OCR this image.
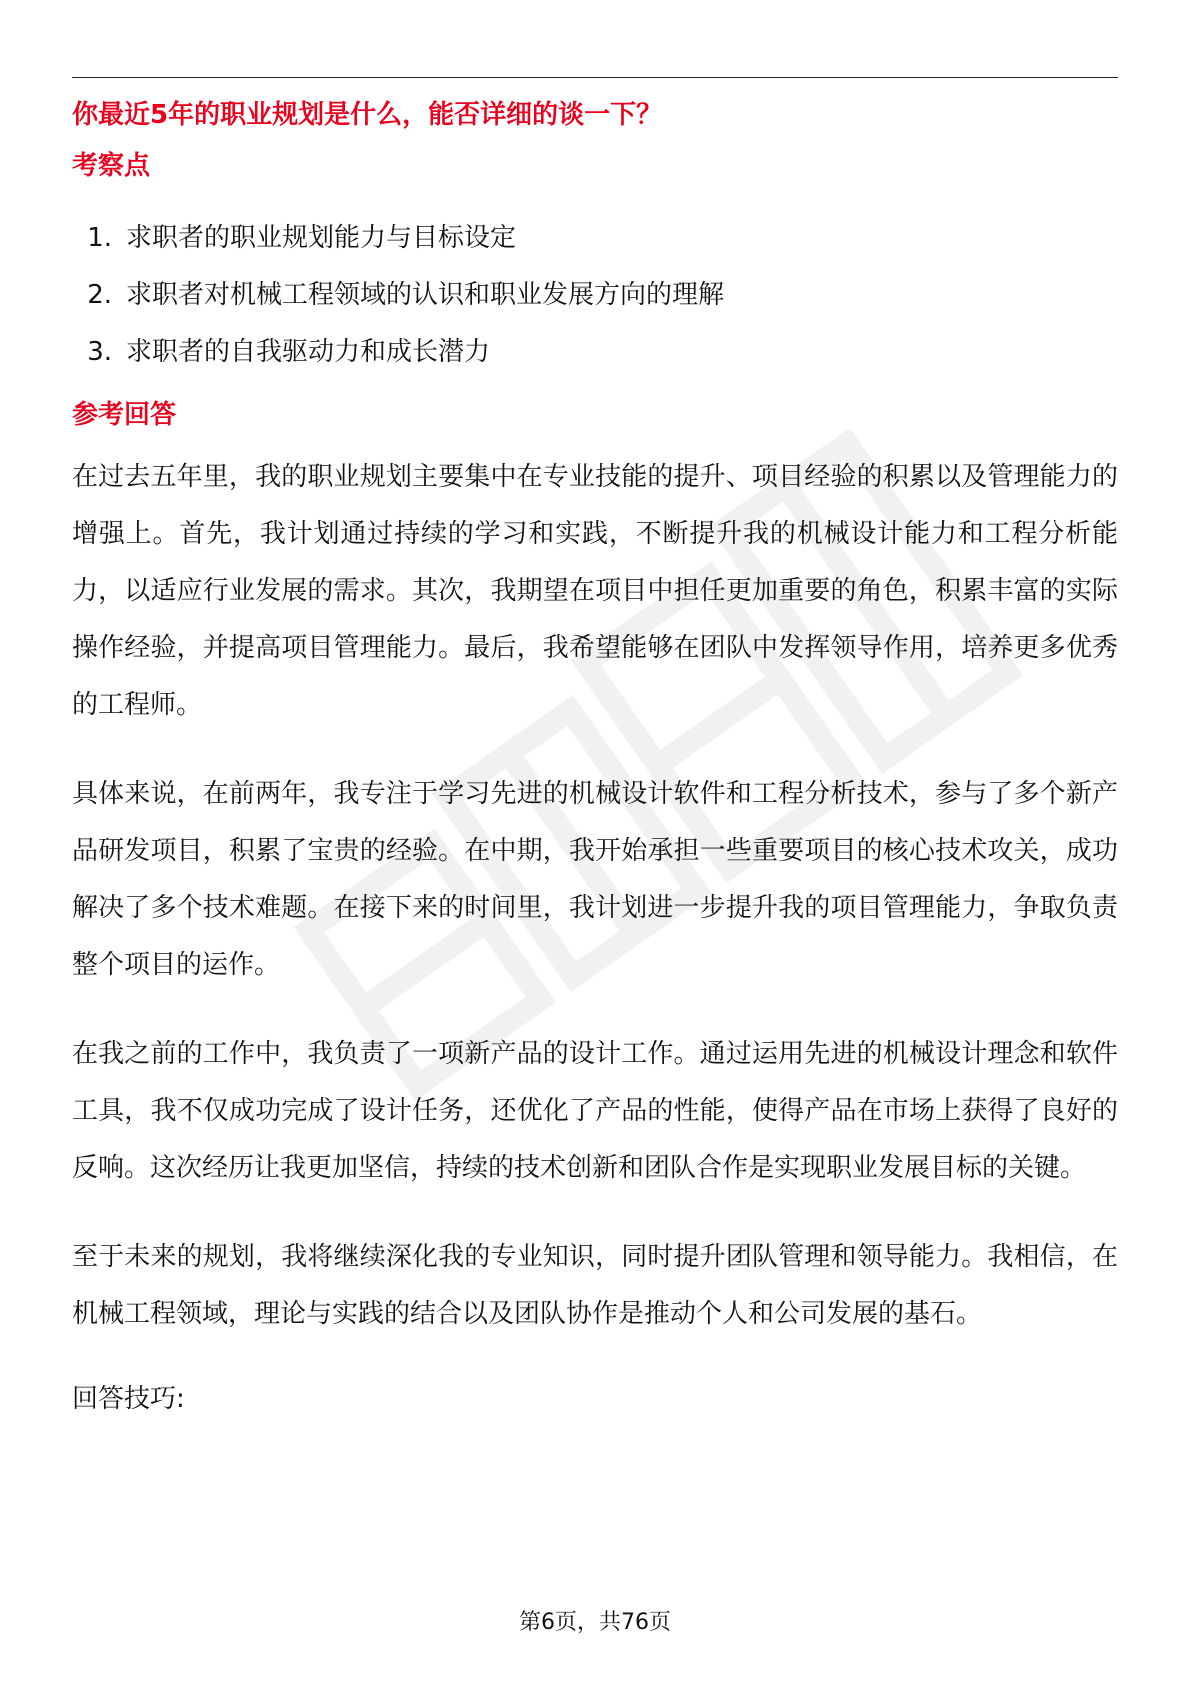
你最近5年的职业规划是什么，能否详细的谈一下？
考察点
1. 求职者的职业规划能力与目标设定
2. 求职者对机械工程领域的认识和职业发展方向的理解
3. 求职者的自我驱动力和成长潜力
参考回答

在过去五年里，我的职业规划主要集中在专业技能的提升、项目经验的积累以及管理能力的增强上。首先，我计划通过持续的学习和实践，不断提升我的机械设计能力和工程分析能力，以适应行业发展的需求。其次，我期望在项目中担任更加重要的角色，积累丰富的实际操作经验，并提高项目管理能力。最后，我希望能够在团队中发挥领导作用，培养更多优秀的工程师。

具体来说，在前两年，我专注于学习先进的机械设计软件和工程分析技术，参与了多个新产品研发项目，积累了宝贵的经验。在中期，我开始承担一些重要项目的核心技术攻关，成功解决了多个技术难题。在接下来的时间里，我计划进一步提升我的项目管理能力，争取负责整个项目的运作。

在我之前的工作中，我负责了一项新产品的设计工作。通过运用先进的机械设计理念和软件工具，我不仅成功完成了设计任务，还优化了产品的性能，使得产品在市场上获得了良好的反响。这次经历让我更加坚信，持续的技术创新和团队合作是实现职业发展目标的关键。

至于未来的规划，我将继续深化我的专业知识，同时提升团队管理和领导能力。我相信，在机械工程领域，理论与实践的结合以及团队协作是推动个人和公司发展的基石。

回答技巧:

第6页，共76页
